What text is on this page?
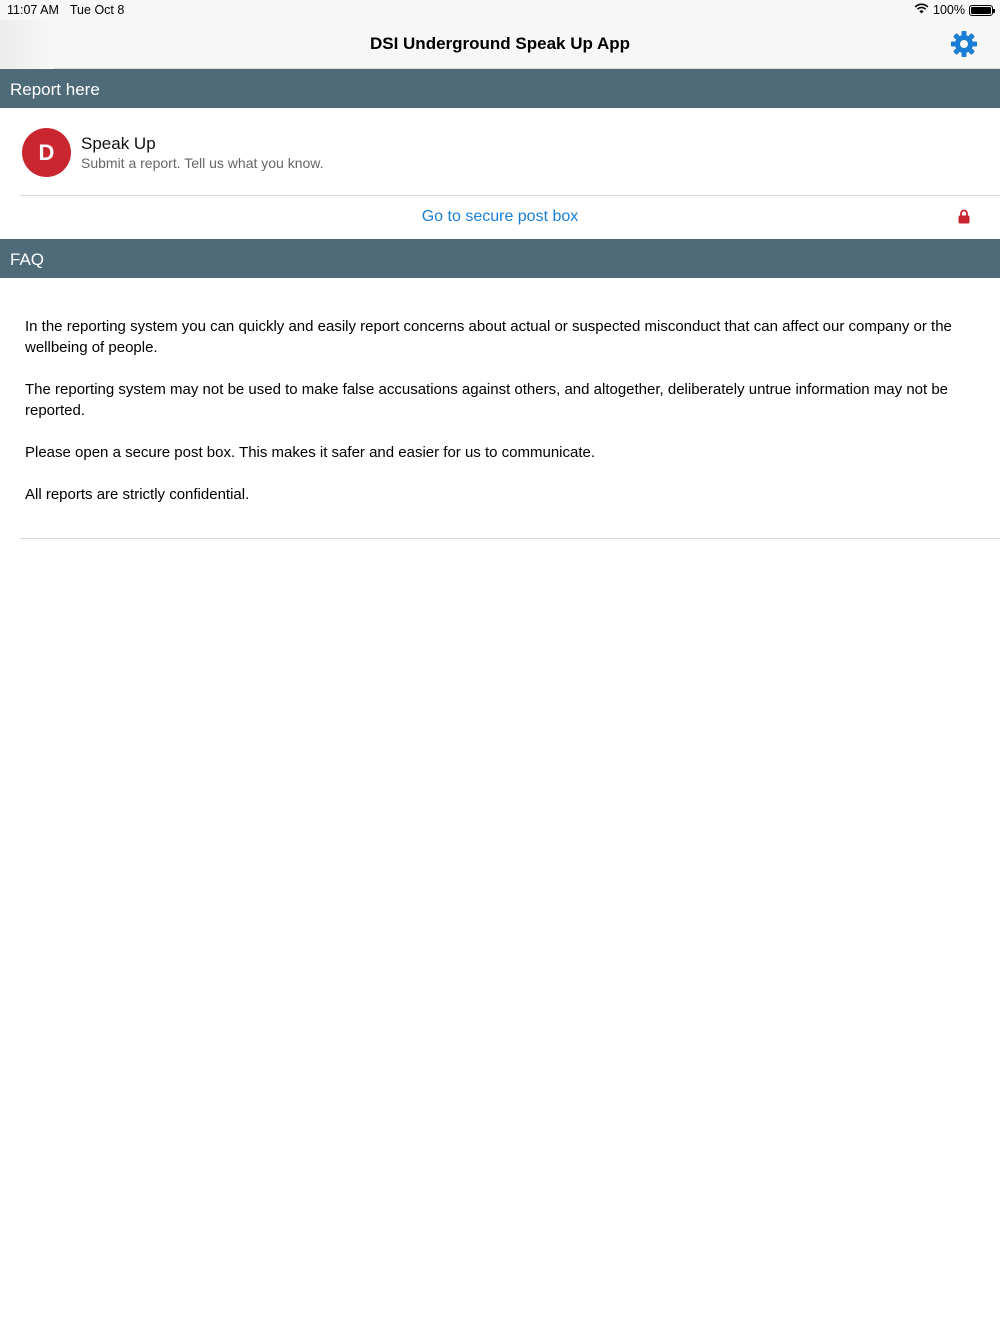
11:07 AM Tue Oct 8	100%
DSI Underground Speak Up App
Report here
D	Speak Up
Submit a report. Tell us what you know.
Go to secure post box
FAQ

In the reporting system you can quickly and easily report concerns about actual or suspected misconduct that can affect our company or the wellbeing of people.

The reporting system may not be used to make false accusations against others, and altogether, deliberately untrue information may not be reported.

Please open a secure post box. This makes it safer and easier for us to communicate.

All reports are strictly confidential.
